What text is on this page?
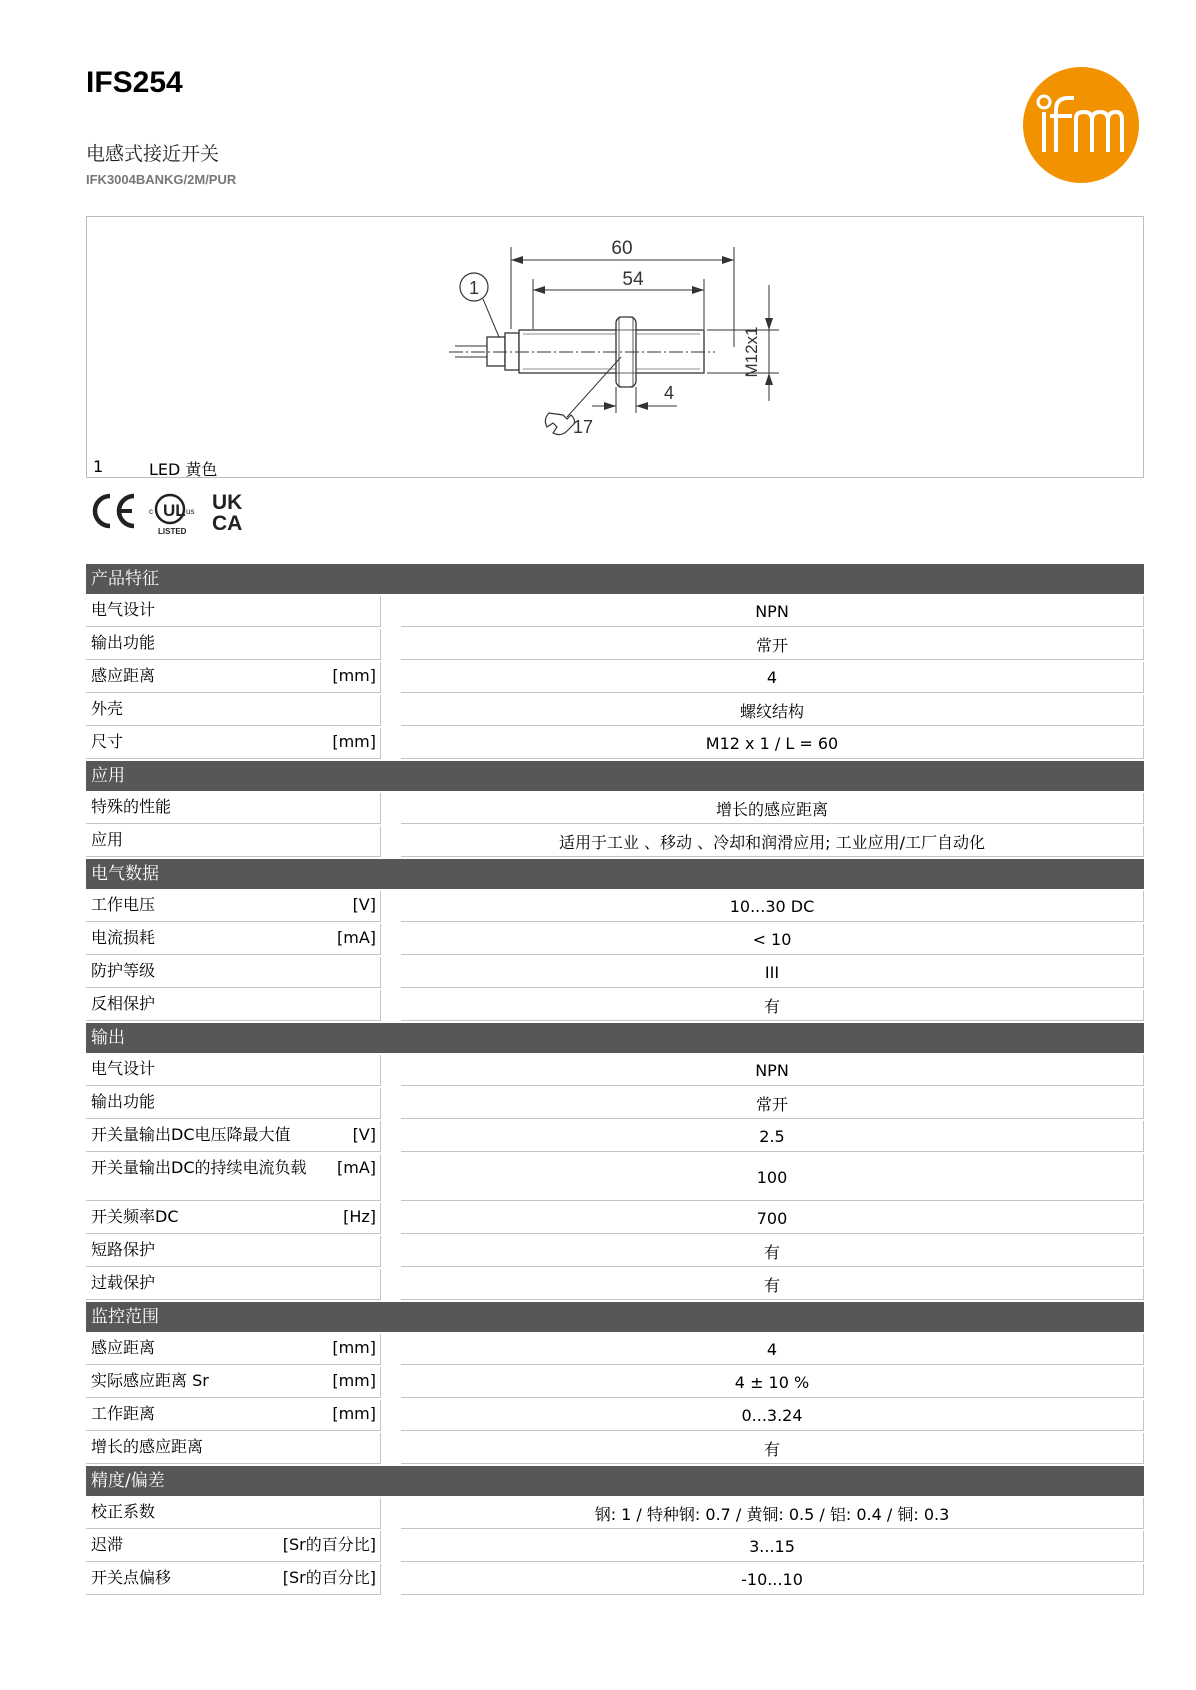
IFS254
电感式接近开关
IFK3004BANKG/2M/PUR
ifm
60
54
M12x1
1
4
17
1	LED 黄色
UL
c	us
LISTED
UK
CA
产品特征
电气设计	NPN
输出功能	常开
感应距离	[mm]	4
外壳	螺纹结构
尺寸	[mm]	M12 x 1 / L = 60
应用
特殊的性能	增长的感应距离
应用	适用于工业 、移动 、冷却和润滑应用; 工业应用/工厂自动化
电气数据
工作电压	[V]	10...30 DC
电流损耗	[mA]	< 10
防护等级	III
反相保护	有
输出
电气设计	NPN
输出功能	常开
开关量输出DC电压降最大值	[V]	2.5
开关量输出DC的持续电流负载	[mA]	100
开关频率DC	[Hz]	700
短路保护	有
过载保护	有
监控范围
感应距离	[mm]	4
实际感应距离 Sr	[mm]	4 ± 10 %
工作距离	[mm]	0...3.24
增长的感应距离	有
精度/偏差
校正系数	钢: 1 / 特种钢: 0.7 / 黄铜: 0.5 / 铝: 0.4 / 铜: 0.3
迟滞	[Sr的百分比]	3...15
开关点偏移	[Sr的百分比]	-10...10
